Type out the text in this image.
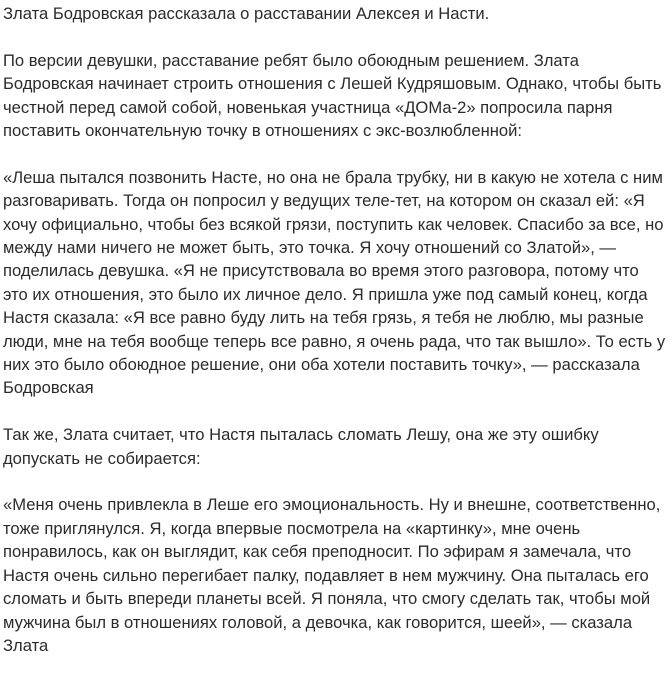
Злата Бодровская рассказала о расставании Алексея и Насти.

По версии девушки, расставание ребят было обоюдным решением. Злата Бодровская начинает строить отношения с Лешей Кудряшовым. Однако, чтобы быть честной перед самой собой, новенькая участница «ДОМа-2» попросила парня поставить окончательную точку в отношениях с экс-возлюбленной:

«Леша пытался позвонить Насте, но она не брала трубку, ни в какую не хотела с ним разговаривать. Тогда он попросил у ведущих теле-тет, на котором он сказал ей: «Я хочу официально, чтобы без всякой грязи, поступить как человек. Спасибо за все, но между нами ничего не может быть, это точка. Я хочу отношений со Златой», — поделилась девушка. «Я не присутствовала во время этого разговора, потому что это их отношения, это было их личное дело. Я пришла уже под самый конец, когда Настя сказала: «Я все равно буду лить на тебя грязь, я тебя не люблю, мы разные люди, мне на тебя вообще теперь все равно, я очень рада, что так вышло». То есть у них это было обоюдное решение, они оба хотели поставить точку», — рассказала Бодровская

Так же, Злата считает, что Настя пыталась сломать Лешу, она же эту ошибку допускать не собирается:

«Меня очень привлекла в Леше его эмоциональность. Ну и внешне, соответственно, тоже приглянулся. Я, когда впервые посмотрела на «картинку», мне очень понравилось, как он выглядит, как себя преподносит. По эфирам я замечала, что Настя очень сильно перегибает палку, подавляет в нем мужчину. Она пыталась его сломать и быть впереди планеты всей. Я поняла, что смогу сделать так, чтобы мой мужчина был в отношениях головой, а девочка, как говорится, шеей», — сказала Злата
